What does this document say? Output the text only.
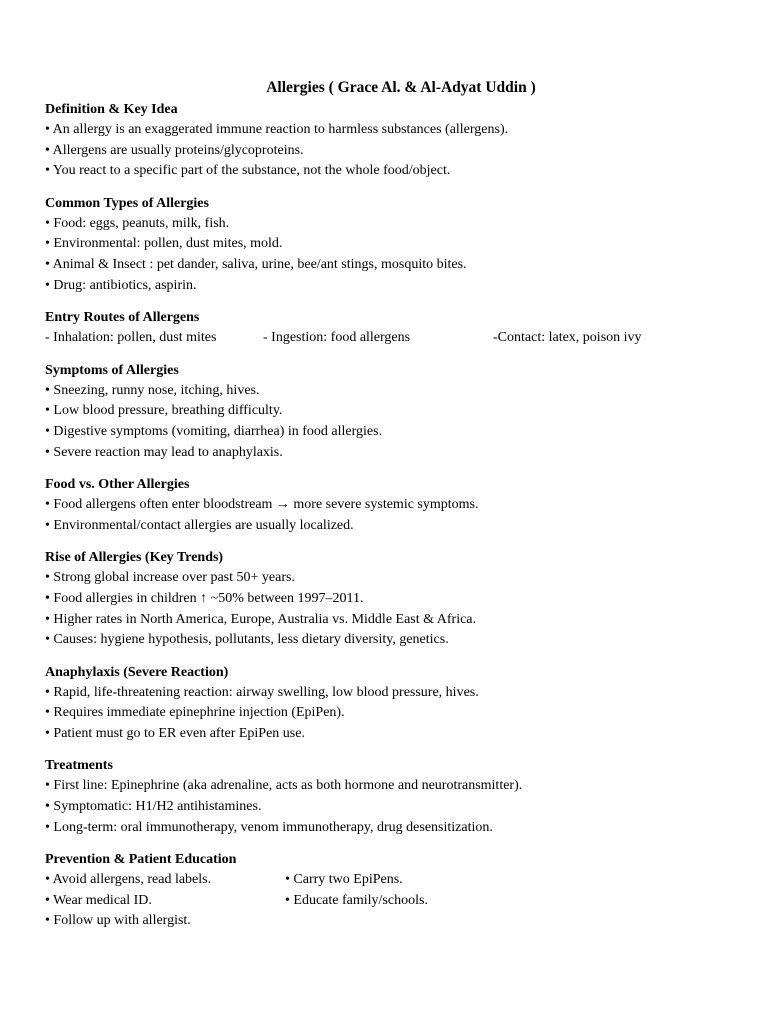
Allergies ( Grace Al. & Al-Adyat Uddin )
Definition & Key Idea
• An allergy is an exaggerated immune reaction to harmless substances (allergens).
• Allergens are usually proteins/glycoproteins.
• You react to a specific part of the substance, not the whole food/object.
Common Types of Allergies
• Food: eggs, peanuts, milk, fish.
• Environmental: pollen, dust mites, mold.
• Animal & Insect : pet dander, saliva, urine, bee/ant stings, mosquito bites.
• Drug: antibiotics, aspirin.
Entry Routes of Allergens
- Inhalation: pollen, dust mites	- Ingestion: food allergens	-Contact: latex, poison ivy
Symptoms of Allergies
• Sneezing, runny nose, itching, hives.
• Low blood pressure, breathing difficulty.
• Digestive symptoms (vomiting, diarrhea) in food allergies.
• Severe reaction may lead to anaphylaxis.
Food vs. Other Allergies
• Food allergens often enter bloodstream → more severe systemic symptoms.
• Environmental/contact allergies are usually localized.
Rise of Allergies (Key Trends)
• Strong global increase over past 50+ years.
• Food allergies in children ↑ ~50% between 1997–2011.
• Higher rates in North America, Europe, Australia vs. Middle East & Africa.
• Causes: hygiene hypothesis, pollutants, less dietary diversity, genetics.
Anaphylaxis (Severe Reaction)
• Rapid, life-threatening reaction: airway swelling, low blood pressure, hives.
• Requires immediate epinephrine injection (EpiPen).
• Patient must go to ER even after EpiPen use.
Treatments
• First line: Epinephrine (aka adrenaline, acts as both hormone and neurotransmitter).
• Symptomatic: H1/H2 antihistamines.
• Long-term: oral immunotherapy, venom immunotherapy, drug desensitization.
Prevention & Patient Education
• Avoid allergens, read labels.	• Carry two EpiPens.
• Wear medical ID.	• Educate family/schools.
• Follow up with allergist.
